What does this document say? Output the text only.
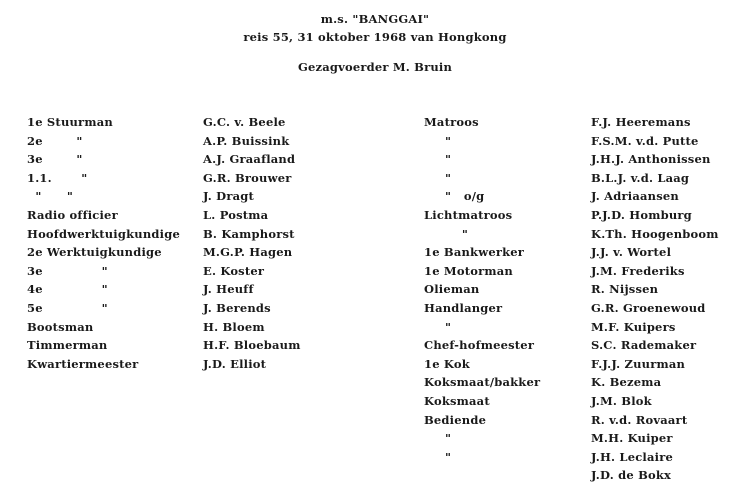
m.s. "BANGGAI"
reis 55, 31 oktober 1968 van Hongkong
Gezagvoerder M. Bruin
1e Stuurman
2e        "
3e        "
1.1.       "
"      "
Radio officier
Hoofdwerktuigkundige
2e Werktuigkundige
3e              "
4e              "
5e              "
Bootsman
Timmerman
Kwartiermeester
G.C. v. Beele
A.P. Buissink
A.J. Graafland
G.R. Brouwer
J. Dragt
L. Postma
B. Kamphorst
M.G.P. Hagen
E. Koster
J. Heuff
J. Berends
H. Bloem
H.F. Bloebaum
J.D. Elliot
Matroos
"
"
"
"   o/g
Lichtmatroos
"
1e Bankwerker
1e Motorman
Olieman
Handlanger
"
Chef-hofmeester
1e Kok
Koksmaat/bakker
Koksmaat
Bediende
"
"
F.J. Heeremans
F.S.M. v.d. Putte
J.H.J. Anthonissen
B.L.J. v.d. Laag
J. Adriaansen
P.J.D. Homburg
K.Th. Hoogenboom
J.J. v. Wortel
J.M. Frederiks
R. Nijssen
G.R. Groenewoud
M.F. Kuipers
S.C. Rademaker
F.J.J. Zuurman
K. Bezema
J.M. Blok
R. v.d. Rovaart
M.H. Kuiper
J.H. Leclaire
J.D. de Bokx
